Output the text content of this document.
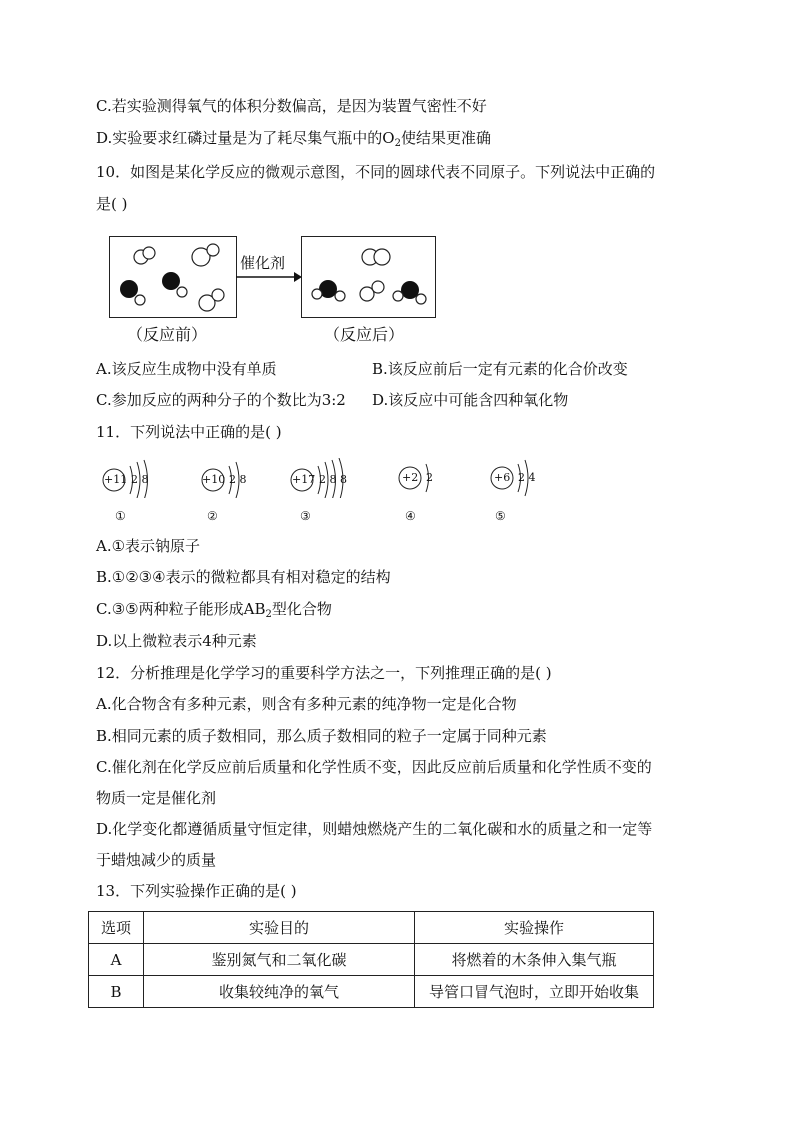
C.若实验测得氧气的体积分数偏高，是因为装置气密性不好
D.实验要求红磷过量是为了耗尽集气瓶中的$O_2$使结果更准确
10．如图是某化学反应的微观示意图，不同的圆球代表不同原子。下列说法中正确的
是( )
催化剂
（反应前）	（反应后）
A.该反应生成物中没有单质	B.该反应前后一定有元素的化合价改变
C.参加反应的两种分子的个数比为3:2 D.该反应中可能含四种氧化物
11．下列说法中正确的是( )
+11 2 8
①
+10 2 8
②
+17 2 8 8
③
+2 2
④
+6 2 4
⑤
A.①表示钠原子
B.①②③④表示的微粒都具有相对稳定的结构
C.③⑤两种粒子能形成$AB_2$型化合物
D.以上微粒表示4种元素
12．分析推理是化学学习的重要科学方法之一，下列推理正确的是( )
A.化合物含有多种元素，则含有多种元素的纯净物一定是化合物
B.相同元素的质子数相同，那么质子数相同的粒子一定属于同种元素
C.催化剂在化学反应前后质量和化学性质不变，因此反应前后质量和化学性质不变的
物质一定是催化剂
D.化学变化都遵循质量守恒定律，则蜡烛燃烧产生的二氧化碳和水的质量之和一定等
于蜡烛减少的质量
13．下列实验操作正确的是( )
选项	实验目的	实验操作
A	鉴别氮气和二氧化碳	将燃着的木条伸入集气瓶
B	收集较纯净的氧气	导管口冒气泡时，立即开始收集
